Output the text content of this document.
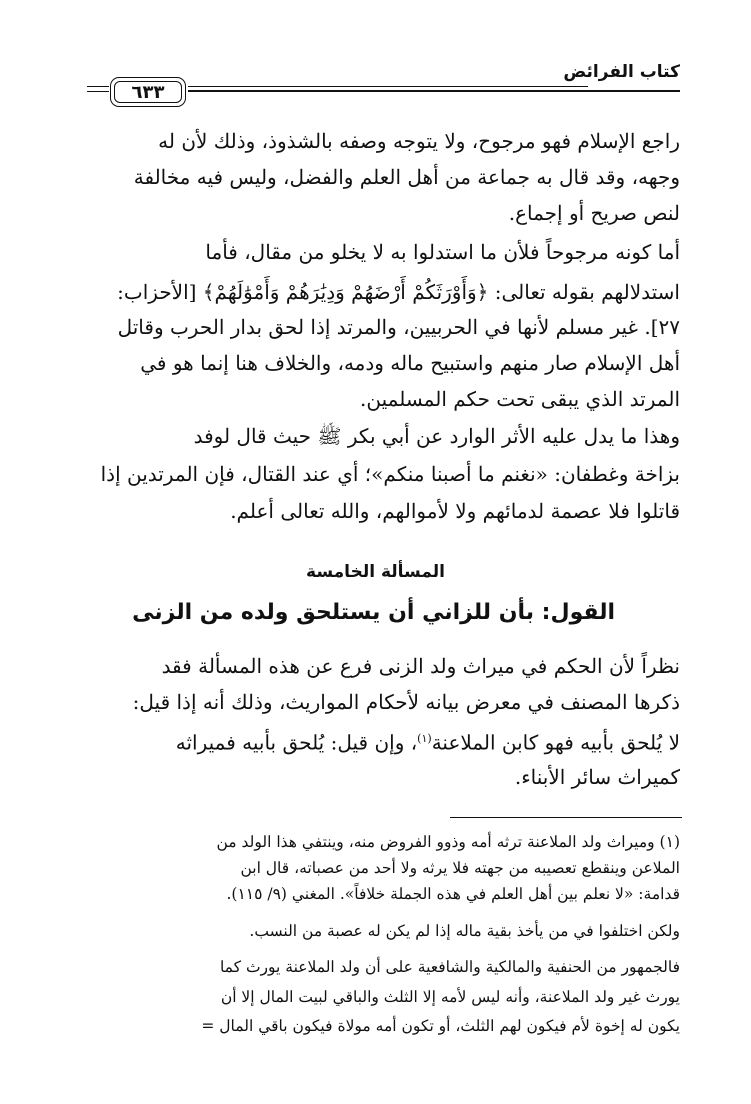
كتاب الفرائض
٦٣٣
راجع الإسلام فهو مرجوح، ولا يتوجه وصفه بالشذوذ، وذلك لأن له
وجهه، وقد قال به جماعة من أهل العلم والفضل، وليس فيه مخالفة
لنص صريح أو إجماع.
أما كونه مرجوحاً فلأن ما استدلوا به لا يخلو من مقال، فأما
استدلالهم بقوله تعالى: ﴿وَأَوْرَثَكُمْ أَرْضَهُمْ وَدِيَٰرَهُمْ وَأَمْوَٰلَهُمْ﴾ [الأحزاب:
٢٧]. غير مسلم لأنها في الحربيين، والمرتد إذا لحق بدار الحرب وقاتل
أهل الإسلام صار منهم واستبيح ماله ودمه، والخلاف هنا إنما هو في
المرتد الذي يبقى تحت حكم المسلمين.
وهذا ما يدل عليه الأثر الوارد عن أبي بكر ﷺ حيث قال لوفد
بزاخة وغطفان: «نغنم ما أصبنا منكم»؛ أي عند القتال، فإن المرتدين إذا
قاتلوا فلا عصمة لدمائهم ولا لأموالهم، والله تعالى أعلم.
المسألة الخامسة
القول: بأن للزاني أن يستلحق ولده من الزنى
نظراً لأن الحكم في ميراث ولد الزنى فرع عن هذه المسألة فقد
ذكرها المصنف في معرض بيانه لأحكام المواريث، وذلك أنه إذا قيل:
لا يُلحق بأبيه فهو كابن الملاعنة$^{(١)}$، وإن قيل: يُلحق بأبيه فميراثه
كميراث سائر الأبناء.
(١) وميراث ولد الملاعنة ترثه أمه وذوو الفروض منه، وينتفي هذا الولد من
الملاعن وينقطع تعصيبه من جهته فلا يرثه ولا أحد من عصباته، قال ابن
قدامة: «لا نعلم بين أهل العلم في هذه الجملة خلافاً». المغني (٩/ ١١٥).
ولكن اختلفوا في من يأخذ بقية ماله إذا لم يكن له عصبة من النسب.
فالجمهور من الحنفية والمالكية والشافعية على أن ولد الملاعنة يورث كما
يورث غير ولد الملاعنة، وأنه ليس لأمه إلا الثلث والباقي لبيت المال إلا أن
يكون له إخوة لأم فيكون لهم الثلث، أو تكون أمه مولاة فيكون باقي المال =
